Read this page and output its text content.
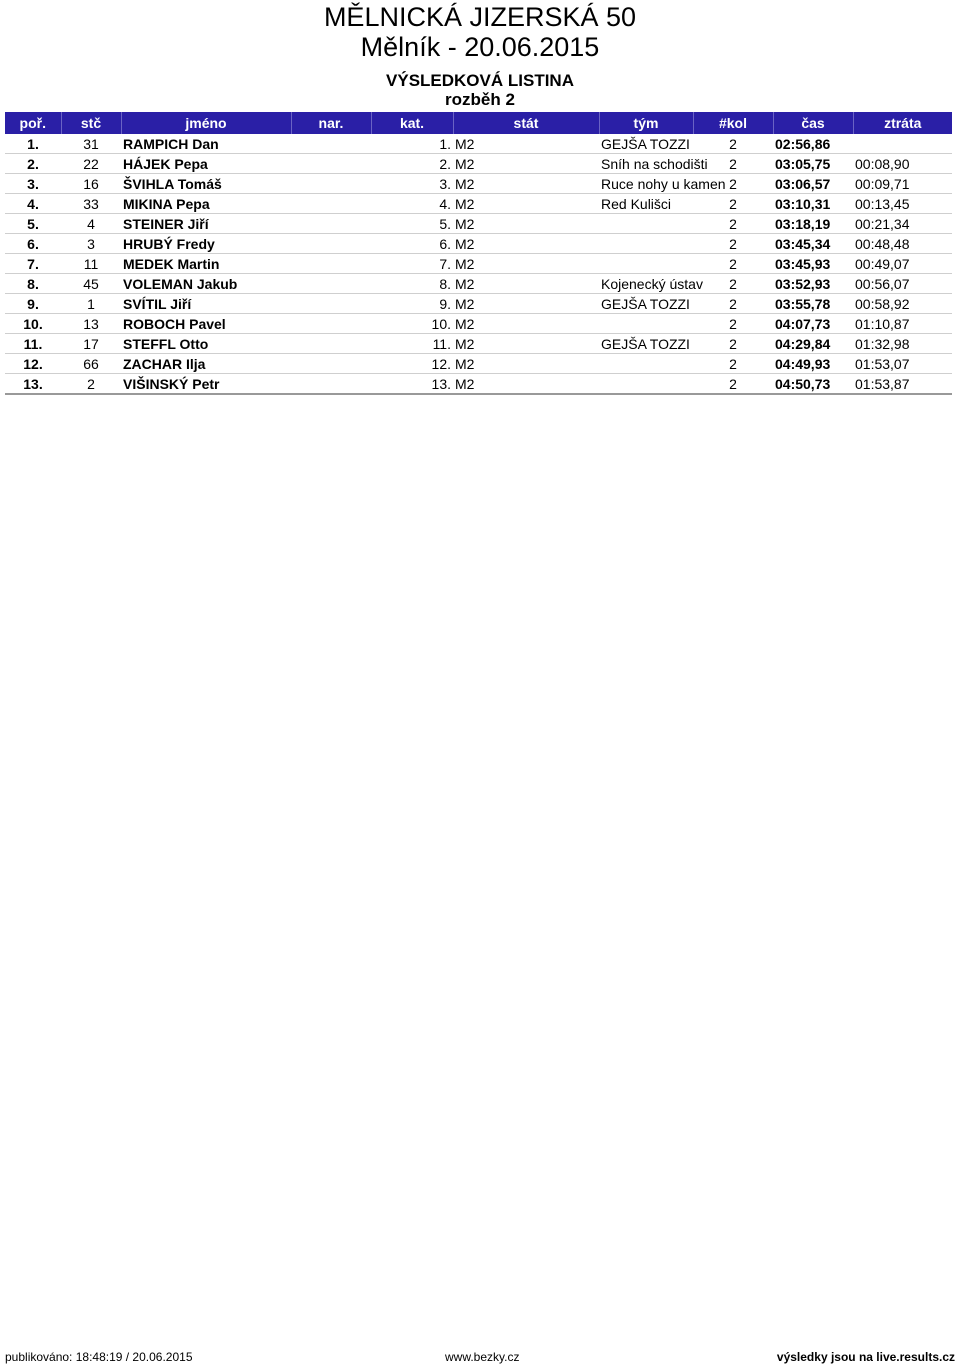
MĚLNICKÁ JIZERSKÁ 50
Mělník - 20.06.2015
VÝSLEDKOVÁ LISTINA
rozběh 2
poř.	stč	jméno	nar.	kat.	stát	tým	#kol	čas	ztráta
1.	31	RAMPICH Dan		1.	M2	GEJŠA TOZZI	2	02:56,86	
2.	22	HÁJEK Pepa		2.	M2	Sníh na schodišti	2	03:05,75	00:08,90
3.	16	ŠVIHLA Tomáš		3.	M2	Ruce nohy u kamen	2	03:06,57	00:09,71
4.	33	MIKINA Pepa		4.	M2	Red Kulišci	2	03:10,31	00:13,45
5.	4	STEINER Jiří		5.	M2		2	03:18,19	00:21,34
6.	3	HRUBÝ Fredy		6.	M2		2	03:45,34	00:48,48
7.	11	MEDEK Martin		7.	M2		2	03:45,93	00:49,07
8.	45	VOLEMAN Jakub		8.	M2	Kojenecký ústav	2	03:52,93	00:56,07
9.	1	SVÍTIL Jiří		9.	M2	GEJŠA TOZZI	2	03:55,78	00:58,92
10.	13	ROBOCH Pavel		10.	M2		2	04:07,73	01:10,87
11.	17	STEFFL Otto		11.	M2	GEJŠA TOZZI	2	04:29,84	01:32,98
12.	66	ZACHAR Ilja		12.	M2		2	04:49,93	01:53,07
13.	2	VIŠINSKÝ Petr		13.	M2		2	04:50,73	01:53,87
publikováno: 18:48:19 / 20.06.2015	www.bezky.cz	výsledky jsou na live.results.cz
